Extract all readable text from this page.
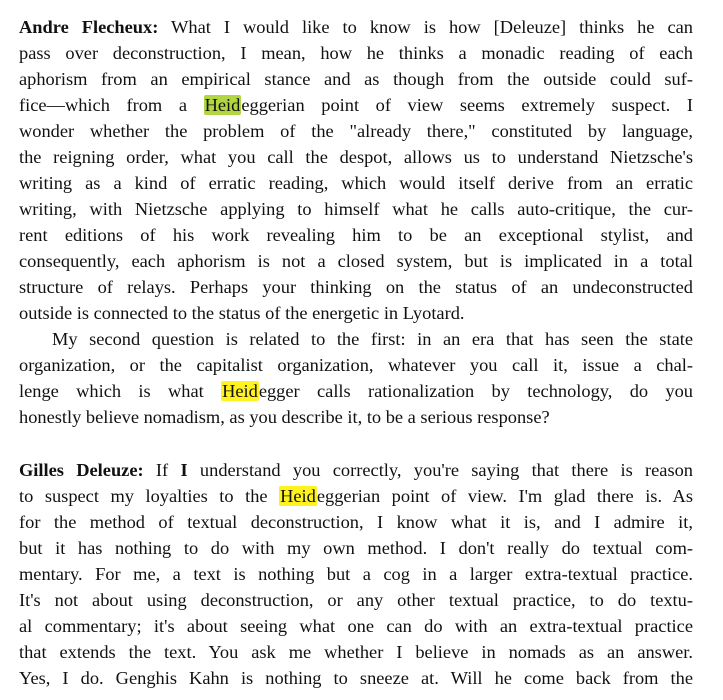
Andre Flecheux: What I would like to know is how [Deleuze] thinks he can
pass over deconstruction, I mean, how he thinks a monadic reading of each
aphorism from an empirical stance and as though from the outside could suf-
fice—which from a Heideggerian point of view seems extremely suspect. I
wonder whether the problem of the "already there," constituted by language,
the reigning order, what you call the despot, allows us to understand Nietzsche's
writing as a kind of erratic reading, which would itself derive from an erratic
writing, with Nietzsche applying to himself what he calls auto-critique, the cur-
rent editions of his work revealing him to be an exceptional stylist, and
consequently, each aphorism is not a closed system, but is implicated in a total
structure of relays. Perhaps your thinking on the status of an undeconstructed
outside is connected to the status of the energetic in Lyotard.
My second question is related to the first: in an era that has seen the state
organization, or the capitalist organization, whatever you call it, issue a chal-
lenge which is what Heidegger calls rationalization by technology, do you
honestly believe nomadism, as you describe it, to be a serious response?
Gilles Deleuze: If I understand you correctly, you're saying that there is reason
to suspect my loyalties to the Heideggerian point of view. I'm glad there is. As
for the method of textual deconstruction, I know what it is, and I admire it,
but it has nothing to do with my own method. I don't really do textual com-
mentary. For me, a text is nothing but a cog in a larger extra-textual practice.
It's not about using deconstruction, or any other textual practice, to do textu-
al commentary; it's about seeing what one can do with an extra-textual practice
that extends the text. You ask me whether I believe in nomads as an answer.
Yes, I do. Genghis Kahn is nothing to sneeze at. Will he come back from the
